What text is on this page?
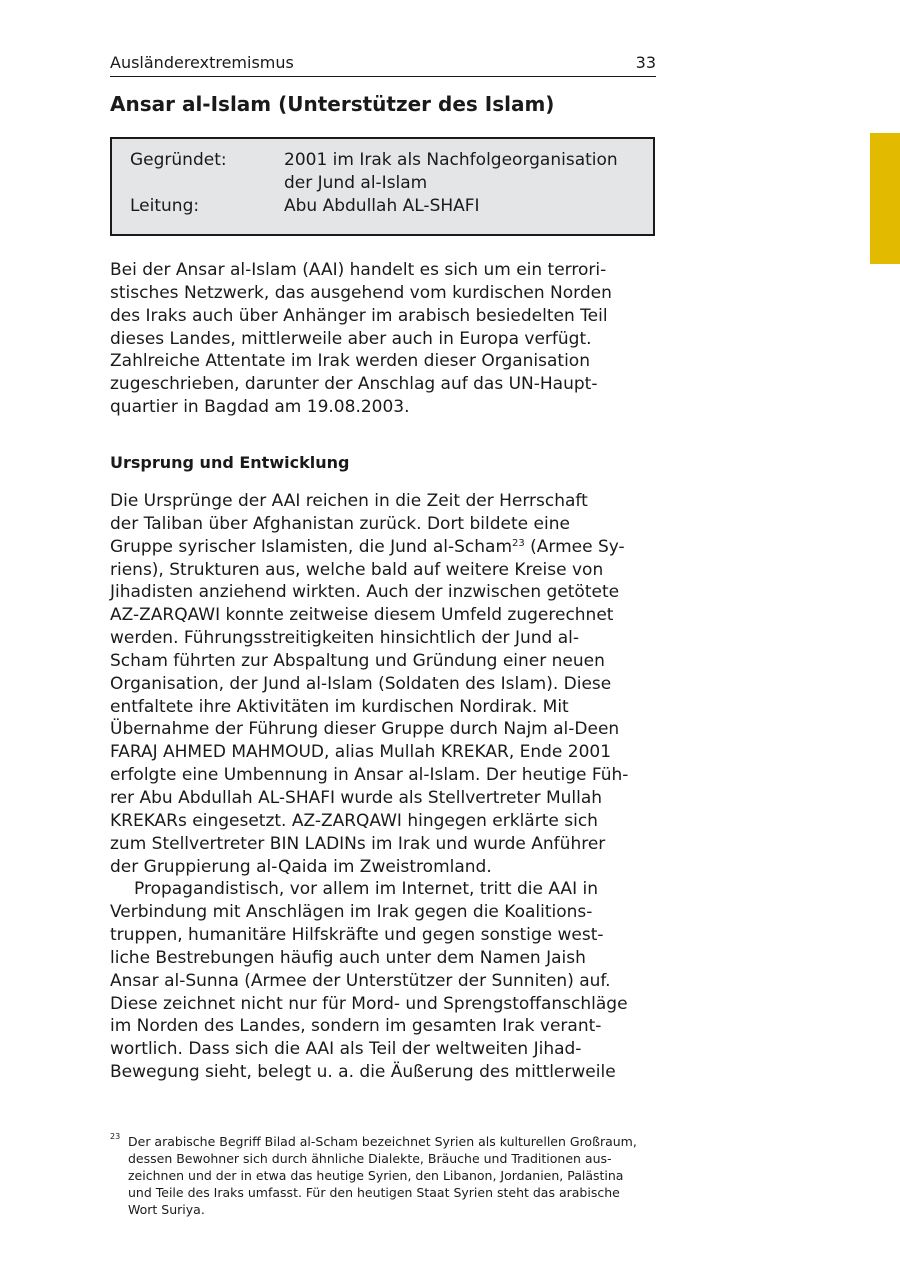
Ausländerextremismus	33
Ansar al-Islam (Unterstützer des Islam)
Gegründet:	2001 im Irak als Nachfolgeorganisation
der Jund al-Islam
Leitung:	Abu Abdullah AL-SHAFI
Bei der Ansar al-Islam (AAI) handelt es sich um ein terrori-
stisches Netzwerk, das ausgehend vom kurdischen Norden
des Iraks auch über Anhänger im arabisch besiedelten Teil
dieses Landes, mittlerweile aber auch in Europa verfügt.
Zahlreiche Attentate im Irak werden dieser Organisation
zugeschrieben, darunter der Anschlag auf das UN-Haupt-
quartier in Bagdad am 19.08.2003.
Ursprung und Entwicklung
Die Ursprünge der AAI reichen in die Zeit der Herrschaft
der Taliban über Afghanistan zurück. Dort bildete eine
Gruppe syrischer Islamisten, die Jund al-Scham$^{23}$ (Armee Sy-
riens), Strukturen aus, welche bald auf weitere Kreise von
Jihadisten anziehend wirkten. Auch der inzwischen getötete
AZ-ZARQAWI konnte zeitweise diesem Umfeld zugerechnet
werden. Führungsstreitigkeiten hinsichtlich der Jund al-
Scham führten zur Abspaltung und Gründung einer neuen
Organisation, der Jund al-Islam (Soldaten des Islam). Diese
entfaltete ihre Aktivitäten im kurdischen Nordirak. Mit
Übernahme der Führung dieser Gruppe durch Najm al-Deen
FARAJ AHMED MAHMOUD, alias Mullah KREKAR, Ende 2001
erfolgte eine Umbennung in Ansar al-Islam. Der heutige Füh-
rer Abu Abdullah AL-SHAFI wurde als Stellvertreter Mullah
KREKARs eingesetzt. AZ-ZARQAWI hingegen erklärte sich
zum Stellvertreter BIN LADINs im Irak und wurde Anführer
der Gruppierung al-Qaida im Zweistromland.
Propagandistisch, vor allem im Internet, tritt die AAI in
Verbindung mit Anschlägen im Irak gegen die Koalitions-
truppen, humanitäre Hilfskräfte und gegen sonstige west-
liche Bestrebungen häufig auch unter dem Namen Jaish
Ansar al-Sunna (Armee der Unterstützer der Sunniten) auf.
Diese zeichnet nicht nur für Mord- und Sprengstoffanschläge
im Norden des Landes, sondern im gesamten Irak verant-
wortlich. Dass sich die AAI als Teil der weltweiten Jihad-
Bewegung sieht, belegt u. a. die Äußerung des mittlerweile
23 Der arabische Begriff Bilad al-Scham bezeichnet Syrien als kulturellen Großraum,
dessen Bewohner sich durch ähnliche Dialekte, Bräuche und Traditionen aus-
zeichnen und der in etwa das heutige Syrien, den Libanon, Jordanien, Palästina
und Teile des Iraks umfasst. Für den heutigen Staat Syrien steht das arabische
Wort Suriya.
